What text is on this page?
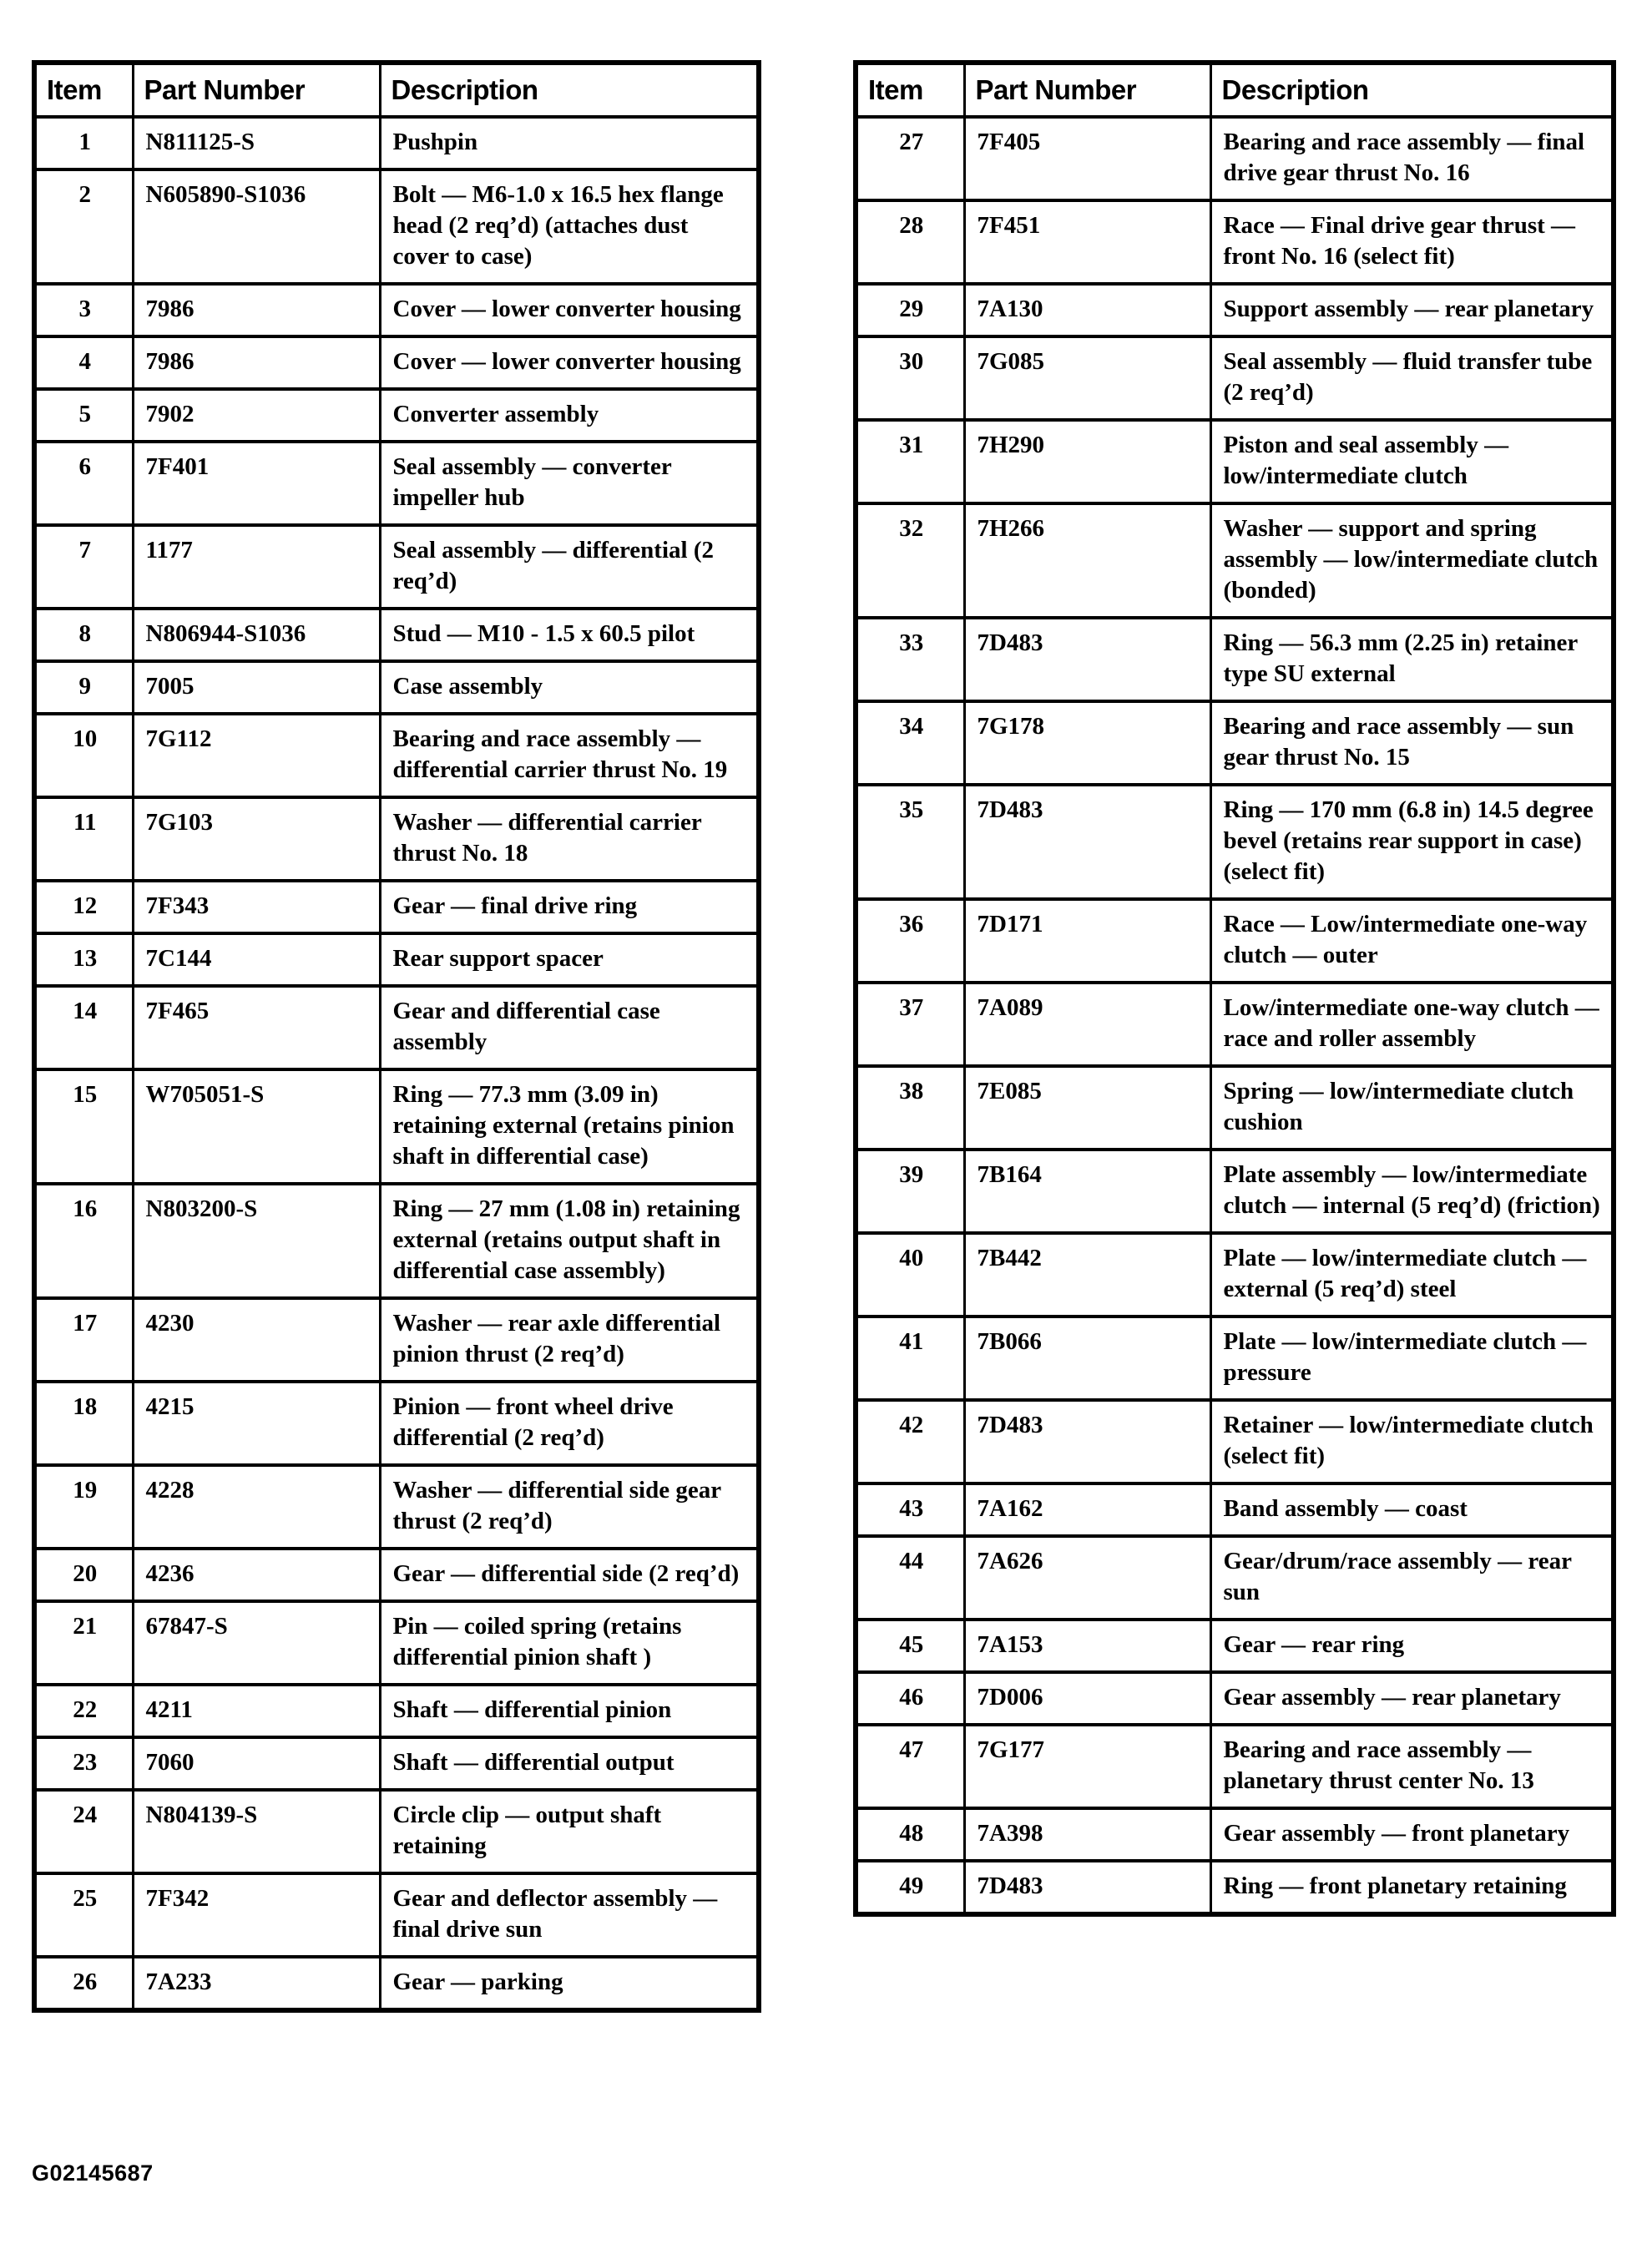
Item	Part Number	Description
1	N811125-S	Pushpin
2	N605890-S1036	Bolt — M6-1.0 x 16.5 hex flange head (2 req’d) (attaches dust cover to case)
3	7986	Cover — lower converter housing
4	7986	Cover — lower converter housing
5	7902	Converter assembly
6	7F401	Seal assembly — converter impeller hub
7	1177	Seal assembly — differential (2 req’d)
8	N806944-S1036	Stud — M10 - 1.5 x 60.5 pilot
9	7005	Case assembly
10	7G112	Bearing and race assembly — differential carrier thrust No. 19
11	7G103	Washer — differential carrier thrust No. 18
12	7F343	Gear — final drive ring
13	7C144	Rear support spacer
14	7F465	Gear and differential case assembly
15	W705051-S	Ring — 77.3 mm (3.09 in) retaining external (retains pinion shaft in differential case)
16	N803200-S	Ring — 27 mm (1.08 in) retaining external (retains output shaft in differential case assembly)
17	4230	Washer — rear axle differential pinion thrust (2 req’d)
18	4215	Pinion — front wheel drive differential (2 req’d)
19	4228	Washer — differential side gear thrust (2 req’d)
20	4236	Gear — differential side (2 req’d)
21	67847-S	Pin — coiled spring (retains differential pinion shaft )
22	4211	Shaft — differential pinion
23	7060	Shaft — differential output
24	N804139-S	Circle clip — output shaft retaining
25	7F342	Gear and deflector assembly — final drive sun
26	7A233	Gear — parking
Item	Part Number	Description
27	7F405	Bearing and race assembly — final drive gear thrust No. 16
28	7F451	Race — Final drive gear thrust — front No. 16 (select fit)
29	7A130	Support assembly — rear planetary
30	7G085	Seal assembly — fluid transfer tube (2 req’d)
31	7H290	Piston and seal assembly — low/intermediate clutch
32	7H266	Washer — support and spring assembly — low/intermediate clutch (bonded)
33	7D483	Ring — 56.3 mm (2.25 in) retainer type SU external
34	7G178	Bearing and race assembly — sun gear thrust No. 15
35	7D483	Ring — 170 mm (6.8 in) 14.5 degree bevel (retains rear support in case) (select fit)
36	7D171	Race — Low/intermediate one-way clutch — outer
37	7A089	Low/intermediate one-way clutch — race and roller assembly
38	7E085	Spring — low/intermediate clutch cushion
39	7B164	Plate assembly — low/intermediate clutch — internal (5 req’d) (friction)
40	7B442	Plate — low/intermediate clutch — external (5 req’d) steel
41	7B066	Plate — low/intermediate clutch — pressure
42	7D483	Retainer — low/intermediate clutch (select fit)
43	7A162	Band assembly — coast
44	7A626	Gear/drum/race assembly — rear sun
45	7A153	Gear — rear ring
46	7D006	Gear assembly — rear planetary
47	7G177	Bearing and race assembly — planetary thrust center No. 13
48	7A398	Gear assembly — front planetary
49	7D483	Ring — front planetary retaining
G02145687
